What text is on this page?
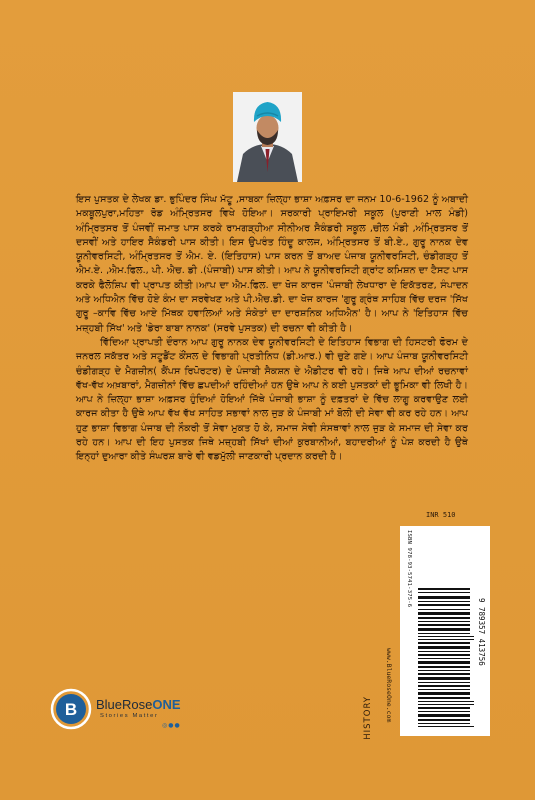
ਇਸ ਪੁਸਤਕ ਦੇ ਲੇਖਕ ਡਾ. ਭੁਪਿੰਦਰ ਸਿੰਘ ਮੱਟੂ ,ਸਾਬਕਾ ਜ਼ਿਲ੍ਹਾ ਭਾਸ਼ਾ ਅਫ਼ਸਰ ਦਾ ਜਨਮ 10-6-1962 ਨੂੰ ਅਬਾਦੀ ਮਕਬੂਲਪੁਰਾ,ਮਹਿਤਾ ਰੋਡ ਅੰਮ੍ਰਿਤਸਰ ਵਿਖੇ ਹੋਇਆ। ਸਰਕਾਰੀ ਪ੍ਰਾਇਮਰੀ ਸਕੂਲ (ਪੁਰਾਣੀ ਮਾਲ ਮੰਡੀ) ਅੰਮ੍ਰਿਤਸਰ ਤੋਂ ਪੰਜਵੀਂ ਜਮਾਤ ਪਾਸ ਕਰਕੇ ਰਾਮਗੜ੍ਹੀਆ ਸੀਨੀਅਰ ਸੈਕੰਡਰੀ ਸਕੂਲ ,ਚੀਲ ਮੰਡੀ ,ਅੰਮ੍ਰਿਤਸਰ ਤੋਂ ਦਸਵੀਂ ਅਤੇ ਹਾਇਰ ਸੈਕੰਡਰੀ ਪਾਸ ਕੀਤੀ। ਇਸ ਉਪਰੰਤ ਹਿੰਦੂ ਕਾਲਜ, ਅੰਮ੍ਰਿਤਸਰ ਤੋਂ ਬੀ.ਏ., ਗੁਰੂ ਨਾਨਕ ਦੇਵ ਯੂਨੀਵਰਸਿਟੀ, ਅੰਮ੍ਰਿਤਸਰ ਤੋਂ ਐਮ. ਏ. (ਇਤਿਹਾਸ) ਪਾਸ ਕਰਨ ਤੋਂ ਬਾਅਦ ਪੰਜਾਬ ਯੂਨੀਵਰਸਿਟੀ, ਚੰਡੀਗੜ੍ਹ ਤੋਂ ਐਮ.ਏ. ,ਐਮ.ਫਿਲ., ਪੀ. ਐਚ. ਡੀ .(ਪੰਜਾਬੀ) ਪਾਸ ਕੀਤੀ। ਆਪ ਨੇ ਯੂਨੀਵਰਸਿਟੀ ਗ੍ਰਾਂਟ ਕਮਿਸ਼ਨ ਦਾ ਟੈਸਟ ਪਾਸ ਕਰਕੇ ਫੈਲੋਸ਼ਿਪ ਵੀ ਪ੍ਰਾਪਤ ਕੀਤੀ।ਆਪ ਦਾ ਐਮ.ਫਿਲ. ਦਾ ਖੋਜ ਕਾਰਜ 'ਪੰਜਾਬੀ ਲੇਖਧਾਰਾ ਦੇ ਇਕੱਤਰਣ, ਸੰਪਾਦਨ ਅਤੇ ਅਧਿਐਨ ਵਿੱਚ ਹੋਏ ਕੰਮ ਦਾ ਸਰਵੇਖਣ ਅਤੇ ਪੀ.ਐਚ.ਡੀ. ਦਾ ਖੋਜ ਕਾਰਜ 'ਗੁਰੂ ਗ੍ਰੰਥ ਸਾਹਿਬ ਵਿੱਚ ਦਰਜ 'ਸਿੱਖ ਗੁਰੂ –ਕਾਵਿ ਵਿੱਚ ਆਏ ਮਿੱਥਕ ਹਵਾਲਿਆਂ ਅਤੇ ਸੰਕੇਤਾਂ ਦਾ ਦਾਰਸ਼ਨਿਕ ਅਧਿਐਨ' ਹੈ। ਆਪ ਨੇ 'ਇਤਿਹਾਸ ਵਿੱਚ ਮਜ਼੍ਹਬੀ ਸਿੱਖ' ਅਤੇ 'ਡੇਰਾ ਬਾਬਾ ਨਾਨਕ' (ਸਰਵੇ ਪੁਸਤਕ) ਦੀ ਰਚਨਾ ਵੀ ਕੀਤੀ ਹੈ।

ਵਿੱਦਿਆ ਪ੍ਰਾਪਤੀ ਦੌਰਾਨ ਆਪ ਗੁਰੂ ਨਾਨਕ ਦੇਵ ਯੂਨੀਵਰਸਿਟੀ ਦੇ ਇਤਿਹਾਸ ਵਿਭਾਗ ਦੀ ਹਿਸਟਰੀ ਫੋਰਮ ਦੇ ਜਨਰਲ ਸਕੱਤਰ ਅਤੇ ਸਟੂਡੈਂਟ ਕੌਂਸਲ ਦੇ ਵਿਭਾਗੀ ਪ੍ਰਤੀਨਿਧ (ਡੀ.ਆਰ.) ਵੀ ਚੁਣੇ ਗਏ। ਆਪ ਪੰਜਾਬ ਯੂਨੀਵਰਸਿਟੀ ਚੰਡੀਗੜ੍ਹ ਦੇ ਮੈਗਜ਼ੀਨ( ਕੈਂਪਸ ਰਿਪੋਰਟਰ) ਦੇ ਪੰਜਾਬੀ ਸੈਕਸ਼ਨ ਦੇ ਐਡੀਟਰ ਵੀ ਰਹੇ। ਜਿਥੇ ਆਪ ਦੀਆਂ ਰਚਨਾਵਾਂ ਵੱਖ-ਵੱਖ ਅਖ਼ਬਾਰਾਂ, ਮੈਗਜ਼ੀਨਾਂ ਵਿੱਚ ਛਪਦੀਆਂ ਰਹਿੰਦੀਆਂ ਹਨ ਉਥੇ ਆਪ ਨੇ ਕਈ ਪੁਸਤਕਾਂ ਦੀ ਭੂਮਿਕਾ ਵੀ ਲਿਖੀ ਹੈ। ਆਪ ਨੇ ਜ਼ਿਲ੍ਹਾ ਭਾਸ਼ਾ ਅਫ਼ਸਰ ਹੁੰਦਿਆਂ ਹੋਇਆਂ ਜਿੱਥੇ ਪੰਜਾਬੀ ਭਾਸ਼ਾ ਨੂੰ ਦਫ਼ਤਰਾਂ ਦੇ ਵਿੱਚ ਲਾਗੂ ਕਰਵਾਉਣ ਲਈ ਕਾਰਜ ਕੀਤਾ ਹੈ ਉਥੇ ਆਪ ਵੱਖ ਵੱਖ ਸਾਹਿਤ ਸਭਾਵਾਂ ਨਾਲ ਜੁੜ ਕੇ ਪੰਜਾਬੀ ਮਾਂ ਬੋਲੀ ਦੀ ਸੇਵਾ ਵੀ ਕਰ ਰਹੇ ਹਨ। ਆਪ ਹੁਣ ਭਾਸ਼ਾ ਵਿਭਾਗ ਪੰਜਾਬ ਦੀ ਨੌਕਰੀ ਤੋਂ ਸੇਵਾ ਮੁਕਤ ਹੋ ਕੇ, ਸਮਾਜ ਸੇਵੀ ਸੰਸਥਾਵਾਂ ਨਾਲ ਜੁੜ ਕੇ ਸਮਾਜ ਦੀ ਸੇਵਾ ਕਰ ਰਹੇ ਹਨ। ਆਪ ਦੀ ਇਹ ਪੁਸਤਕ ਜਿਥੇ ਮਜ਼੍ਹਬੀ ਸਿੱਖਾਂ ਦੀਆਂ ਕੁਰਬਾਨੀਆਂ, ਬਹਾਦਰੀਆਂ ਨੂੰ ਪੇਸ਼ ਕਰਦੀ ਹੈ ਉਥੇ ਇਨ੍ਹਾਂ ਦੁਆਰਾ ਕੀਤੇ ਸੰਘਰਸ਼ ਬਾਰੇ ਵੀ ਵਡਮੁੱਲੀ ਜਾਣਕਾਰੀ ਪ੍ਰਦਾਨ ਕਰਦੀ ਹੈ।

INR 510
ISBN 978-93-5741-375-6
9 789357 413756
www.BlueRoseOne.com
HISTORY
B BlueRoseONE
Stories Matter
◎●●
